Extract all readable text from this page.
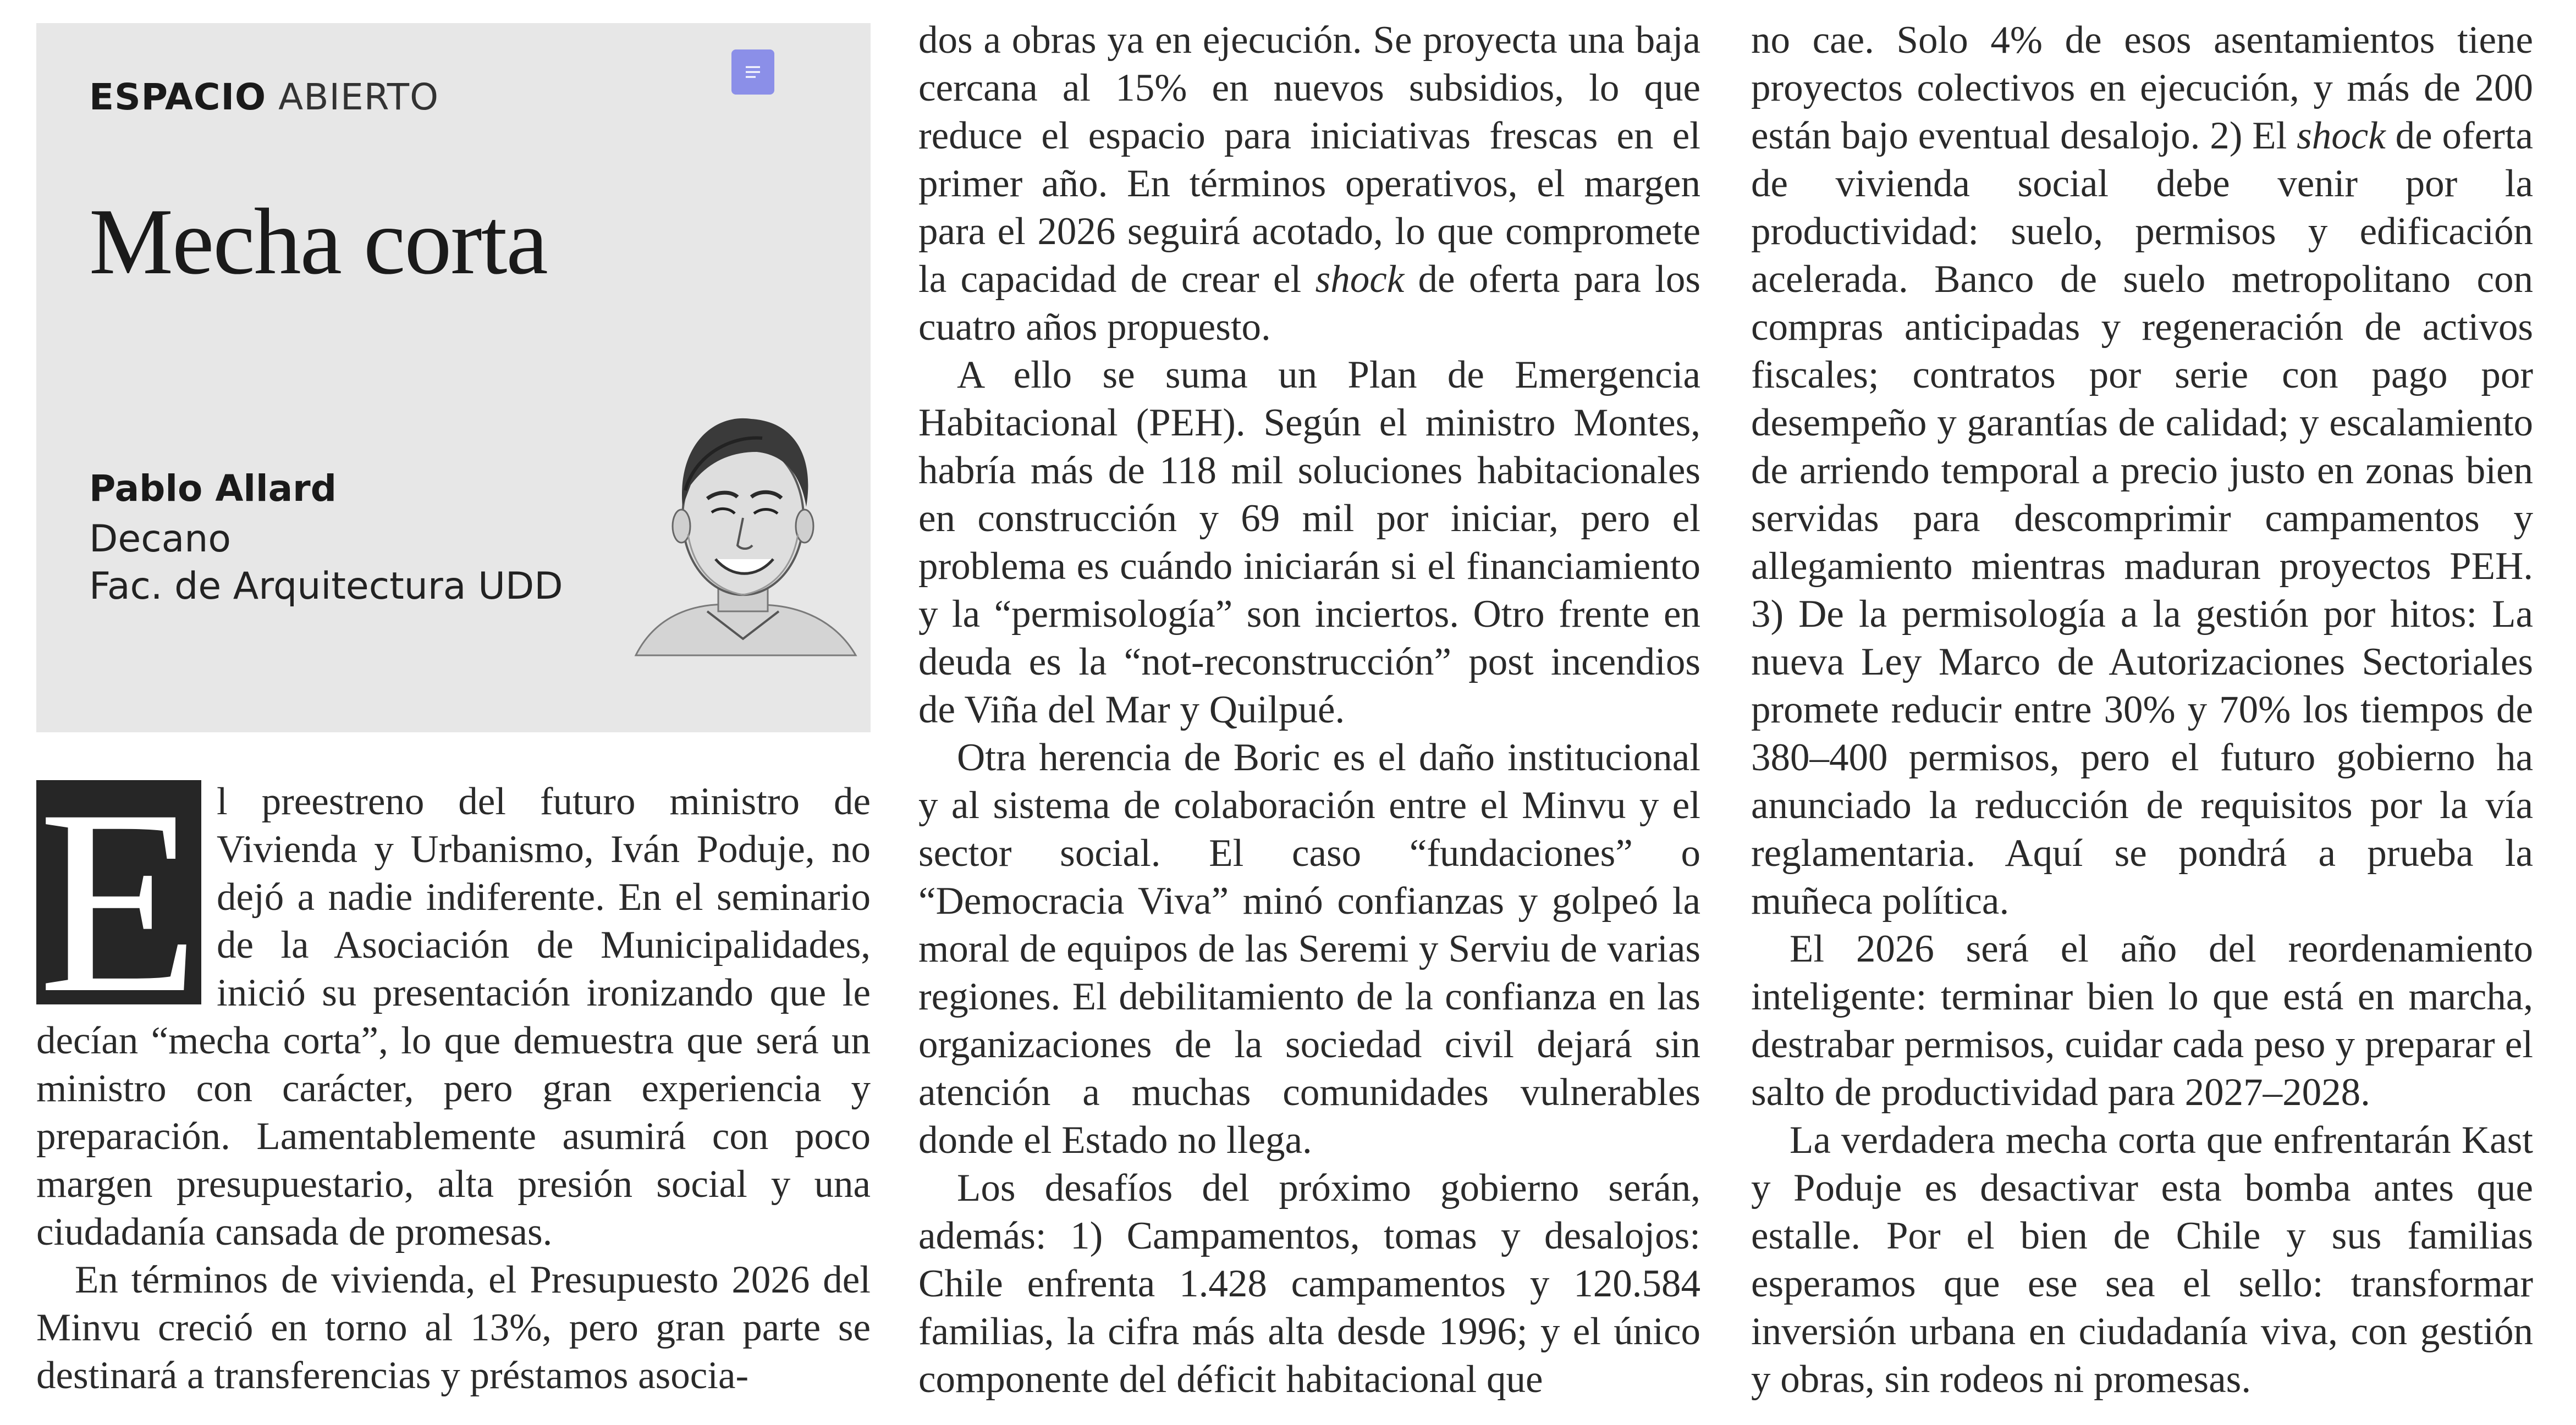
ESPACIO ABIERTO
Mecha corta
Pablo Allard
Decano
Fac. de Arquitectura UDD

E l preestreno del futuro ministro de Vivienda y Urbanismo, Iván Poduje, no dejó a nadie indiferente. En el seminario de la Asociación de Municipalidades, inició su presentación ironizando que le decían “mecha corta”, lo que demuestra que será un ministro con carácter, pero gran experiencia y preparación. Lamentablemente asumirá con poco margen presupuestario, alta presión social y una ciudadanía cansada de promesas.

En términos de vivienda, el Presupuesto 2026 del Minvu creció en torno al 13%, pero gran parte se destinará a transferencias y préstamos asocia-

dos a obras ya en ejecución. Se proyecta una baja cercana al 15% en nuevos subsidios, lo que reduce el espacio para iniciativas frescas en el primer año. En términos operativos, el margen para el 2026 seguirá acotado, lo que compromete la capacidad de crear el shock de oferta para los cuatro años propuesto.

A ello se suma un Plan de Emergencia Habitacional (PEH). Según el ministro Montes, habría más de 118 mil soluciones habitacionales en construcción y 69 mil por iniciar, pero el problema es cuándo iniciarán si el financiamiento y la “permisología” son inciertos. Otro frente en deuda es la “not-reconstrucción” post incendios de Viña del Mar y Quilpué.

Otra herencia de Boric es el daño institucional y al sistema de colaboración entre el Minvu y el sector social. El caso “fundaciones” o “Democracia Viva” minó confianzas y golpeó la moral de equipos de las Seremi y Serviu de varias regiones. El debilitamiento de la confianza en las organizaciones de la sociedad civil dejará sin atención a muchas comunidades vulnerables donde el Estado no llega.

Los desafíos del próximo gobierno serán, además: 1) Campamentos, tomas y desalojos: Chile enfrenta 1.428 campamentos y 120.584 familias, la cifra más alta desde 1996; y el único componente del déficit habitacional que

no cae. Solo 4% de esos asentamientos tiene proyectos colectivos en ejecución, y más de 200 están bajo eventual desalojo. 2) El shock de oferta de vivienda social debe venir por la productividad: suelo, permisos y edificación acelerada. Banco de suelo metropolitano con compras anticipadas y regeneración de activos fiscales; contratos por serie con pago por desempeño y garantías de calidad; y escalamiento de arriendo temporal a precio justo en zonas bien servidas para descomprimir campamentos y allegamiento mientras maduran proyectos PEH. 3) De la permisología a la gestión por hitos: La nueva Ley Marco de Autorizaciones Sectoriales promete reducir entre 30% y 70% los tiempos de 380–400 permisos, pero el futuro gobierno ha anunciado la reducción de requisitos por la vía reglamentaria. Aquí se pondrá a prueba la muñeca política.

El 2026 será el año del reordenamiento inteligente: terminar bien lo que está en marcha, destrabar permisos, cuidar cada peso y preparar el salto de productividad para 2027–2028.

La verdadera mecha corta que enfrentarán Kast y Poduje es desactivar esta bomba antes que estalle. Por el bien de Chile y sus familias esperamos que ese sea el sello: transformar inversión urbana en ciudadanía viva, con gestión y obras, sin rodeos ni promesas.
